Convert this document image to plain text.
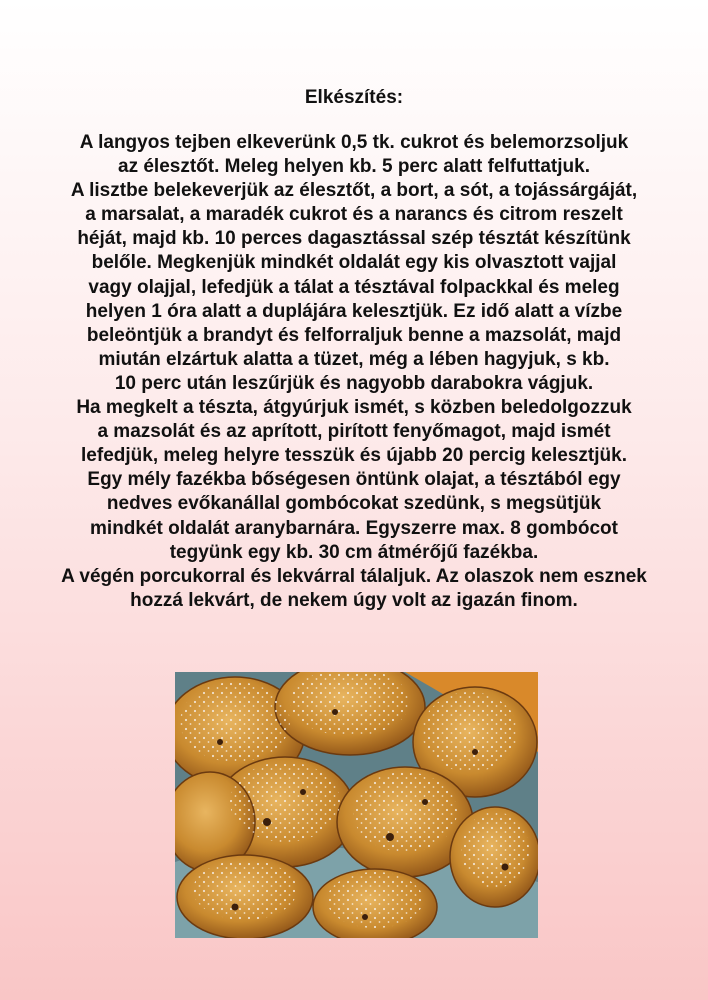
Elkészítés:

A langyos tejben elkeverünk 0,5 tk. cukrot és belemorzsoljuk
az élesztőt. Meleg helyen kb. 5 perc alatt felfuttatjuk.
A lisztbe belekeverjük az élesztőt, a bort, a sót, a tojássárgáját,
a marsalat, a maradék cukrot és a narancs és citrom reszelt
héját, majd kb. 10 perces dagasztással szép tésztát készítünk
belőle. Megkenjük mindkét oldalát egy kis olvasztott vajjal
vagy olajjal, lefedjük a tálat a tésztával folpackkal és meleg
helyen 1 óra alatt a duplájára kelesztjük. Ez idő alatt a vízbe
beleöntjük a brandyt és felforraljuk benne a mazsolát, majd
miután elzártuk alatta a tüzet, még a lében hagyjuk, s kb.
10 perc után leszűrjük és nagyobb darabokra vágjuk.
Ha megkelt a tészta, átgyúrjuk ismét, s közben beledolgozzuk
a mazsolát és az aprított, pirított fenyőmagot, majd ismét
lefedjük, meleg helyre tesszük és újabb 20 percig kelesztjük.
Egy mély fazékba bőségesen öntünk olajat, a tésztából egy
nedves evőkanállal gombócokat szedünk, s megsütjük
mindkét oldalát aranybarnára. Egyszerre max. 8 gombócot
tegyünk egy kb. 30 cm átmérőjű fazékba.
A végén porcukorral és lekvárral tálaljuk. Az olaszok nem esznek
hozzá lekvárt, de nekem úgy volt az igazán finom.
